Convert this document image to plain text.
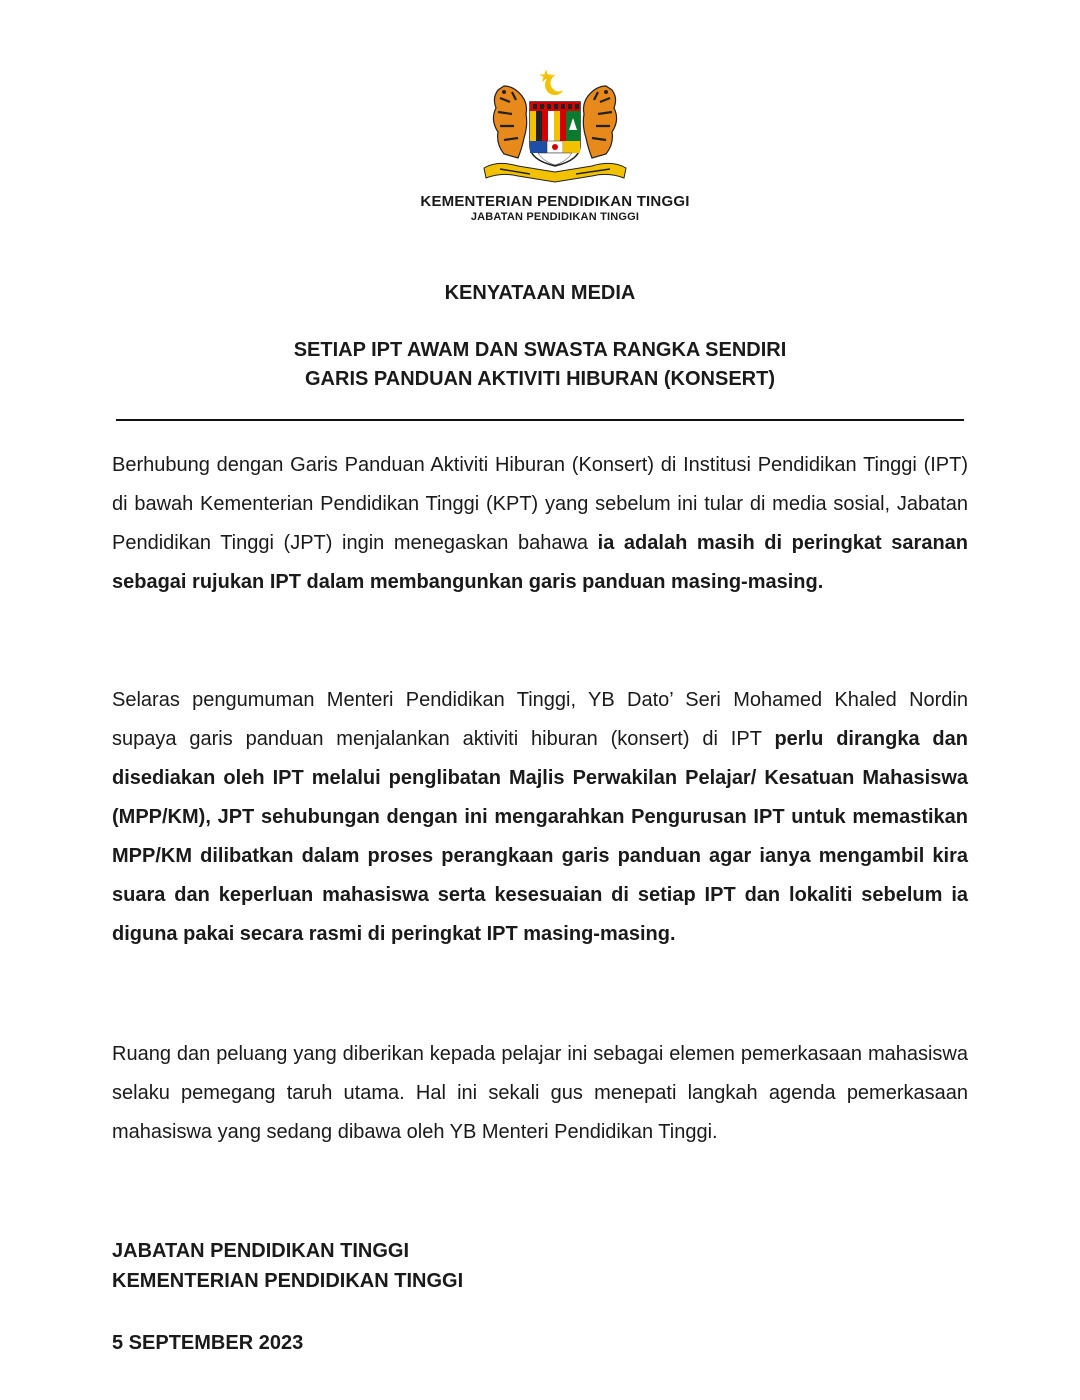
KEMENTERIAN PENDIDIKAN TINGGI
JABATAN PENDIDIKAN TINGGI
KENYATAAN MEDIA
SETIAP IPT AWAM DAN SWASTA RANGKA SENDIRI
GARIS PANDUAN AKTIVITI HIBURAN (KONSERT)

Berhubung dengan Garis Panduan Aktiviti Hiburan (Konsert) di Institusi Pendidikan Tinggi (IPT) di bawah Kementerian Pendidikan Tinggi (KPT) yang sebelum ini tular di media sosial, Jabatan Pendidikan Tinggi (JPT) ingin menegaskan bahawa ia adalah masih di peringkat saranan sebagai rujukan IPT dalam membangunkan garis panduan masing-masing.

Selaras pengumuman Menteri Pendidikan Tinggi, YB Dato’ Seri Mohamed Khaled Nordin supaya garis panduan menjalankan aktiviti hiburan (konsert) di IPT perlu dirangka dan disediakan oleh IPT melalui penglibatan Majlis Perwakilan Pelajar/ Kesatuan Mahasiswa (MPP/KM), JPT sehubungan dengan ini mengarahkan Pengurusan IPT untuk memastikan MPP/KM dilibatkan dalam proses perangkaan garis panduan agar ianya mengambil kira suara dan keperluan mahasiswa serta kesesuaian di setiap IPT dan lokaliti sebelum ia diguna pakai secara rasmi di peringkat IPT masing-masing.

Ruang dan peluang yang diberikan kepada pelajar ini sebagai elemen pemerkasaan mahasiswa selaku pemegang taruh utama. Hal ini sekali gus menepati langkah agenda pemerkasaan mahasiswa yang sedang dibawa oleh YB Menteri Pendidikan Tinggi.

JABATAN PENDIDIKAN TINGGI
KEMENTERIAN PENDIDIKAN TINGGI
5 SEPTEMBER 2023
